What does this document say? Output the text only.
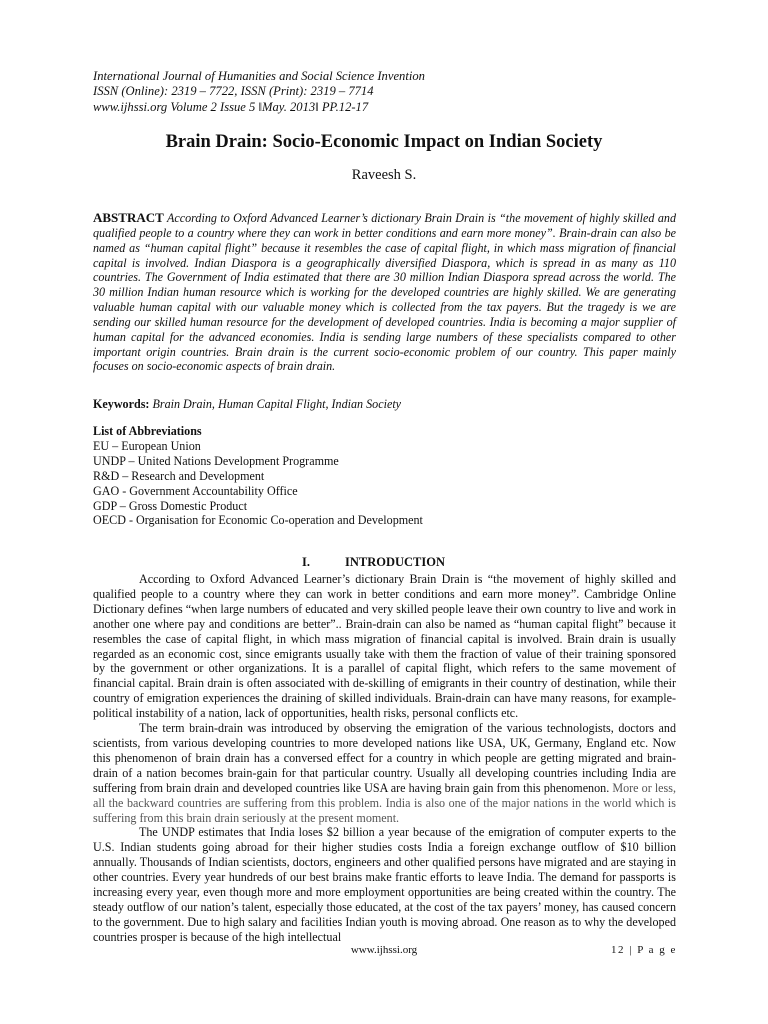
International Journal of Humanities and Social Science Invention
ISSN (Online): 2319 – 7722, ISSN (Print): 2319 – 7714
www.ijhssi.org Volume 2 Issue 5 ǁMay. 2013ǁ PP.12-17
Brain Drain: Socio-Economic Impact on Indian Society
Raveesh S.
ABSTRACT According to Oxford Advanced Learner’s dictionary Brain Drain is “the movement of highly skilled and qualified people to a country where they can work in better conditions and earn more money”. Brain-drain can also be named as “human capital flight” because it resembles the case of capital flight, in which mass migration of financial capital is involved. Indian Diaspora is a geographically diversified Diaspora, which is spread in as many as 110 countries. The Government of India estimated that there are 30 million Indian Diaspora spread across the world. The 30 million Indian human resource which is working for the developed countries are highly skilled. We are generating valuable human capital with our valuable money which is collected from the tax payers. But the tragedy is we are sending our skilled human resource for the development of developed countries. India is becoming a major supplier of human capital for the advanced economies. India is sending large numbers of these specialists compared to other important origin countries. Brain drain is the current socio-economic problem of our country. This paper mainly focuses on socio-economic aspects of brain drain.
Keywords: Brain Drain, Human Capital Flight, Indian Society
List of Abbreviations
EU – European Union
UNDP – United Nations Development Programme
R&D – Research and Development
GAO - Government Accountability Office
GDP – Gross Domestic Product
OECD - Organisation for Economic Co-operation and Development
I.	INTRODUCTION

According to Oxford Advanced Learner’s dictionary Brain Drain is “the movement of highly skilled and qualified people to a country where they can work in better conditions and earn more money”. Cambridge Online Dictionary defines “when large numbers of educated and very skilled people leave their own country to live and work in another one where pay and conditions are better”.. Brain-drain can also be named as “human capital flight” because it resembles the case of capital flight, in which mass migration of financial capital is involved. Brain drain is usually regarded as an economic cost, since emigrants usually take with them the fraction of value of their training sponsored by the government or other organizations. It is a parallel of capital flight, which refers to the same movement of financial capital. Brain drain is often associated with de-skilling of emigrants in their country of destination, while their country of emigration experiences the draining of skilled individuals. Brain-drain can have many reasons, for example-political instability of a nation, lack of opportunities, health risks, personal conflicts etc.

The term brain-drain was introduced by observing the emigration of the various technologists, doctors and scientists, from various developing countries to more developed nations like USA, UK, Germany, England etc. Now this phenomenon of brain drain has a conversed effect for a country in which people are getting migrated and brain-drain of a nation becomes brain-gain for that particular country. Usually all developing countries including India are suffering from brain drain and developed countries like USA are having brain gain from this phenomenon. More or less, all the backward countries are suffering from this problem. India is also one of the major nations in the world which is suffering from this brain drain seriously at the present moment.

The UNDP estimates that India loses $2 billion a year because of the emigration of computer experts to the U.S. Indian students going abroad for their higher studies costs India a foreign exchange outflow of $10 billion annually. Thousands of Indian scientists, doctors, engineers and other qualified persons have migrated and are staying in other countries. Every year hundreds of our best brains make frantic efforts to leave India. The demand for passports is increasing every year, even though more and more employment opportunities are being created within the country. The steady outflow of our nation’s talent, especially those educated, at the cost of the tax payers’ money, has caused concern to the government. Due to high salary and facilities Indian youth is moving abroad. One reason as to why the developed countries prosper is because of the high intellectual

www.ijhssi.org	12 | P a g e
